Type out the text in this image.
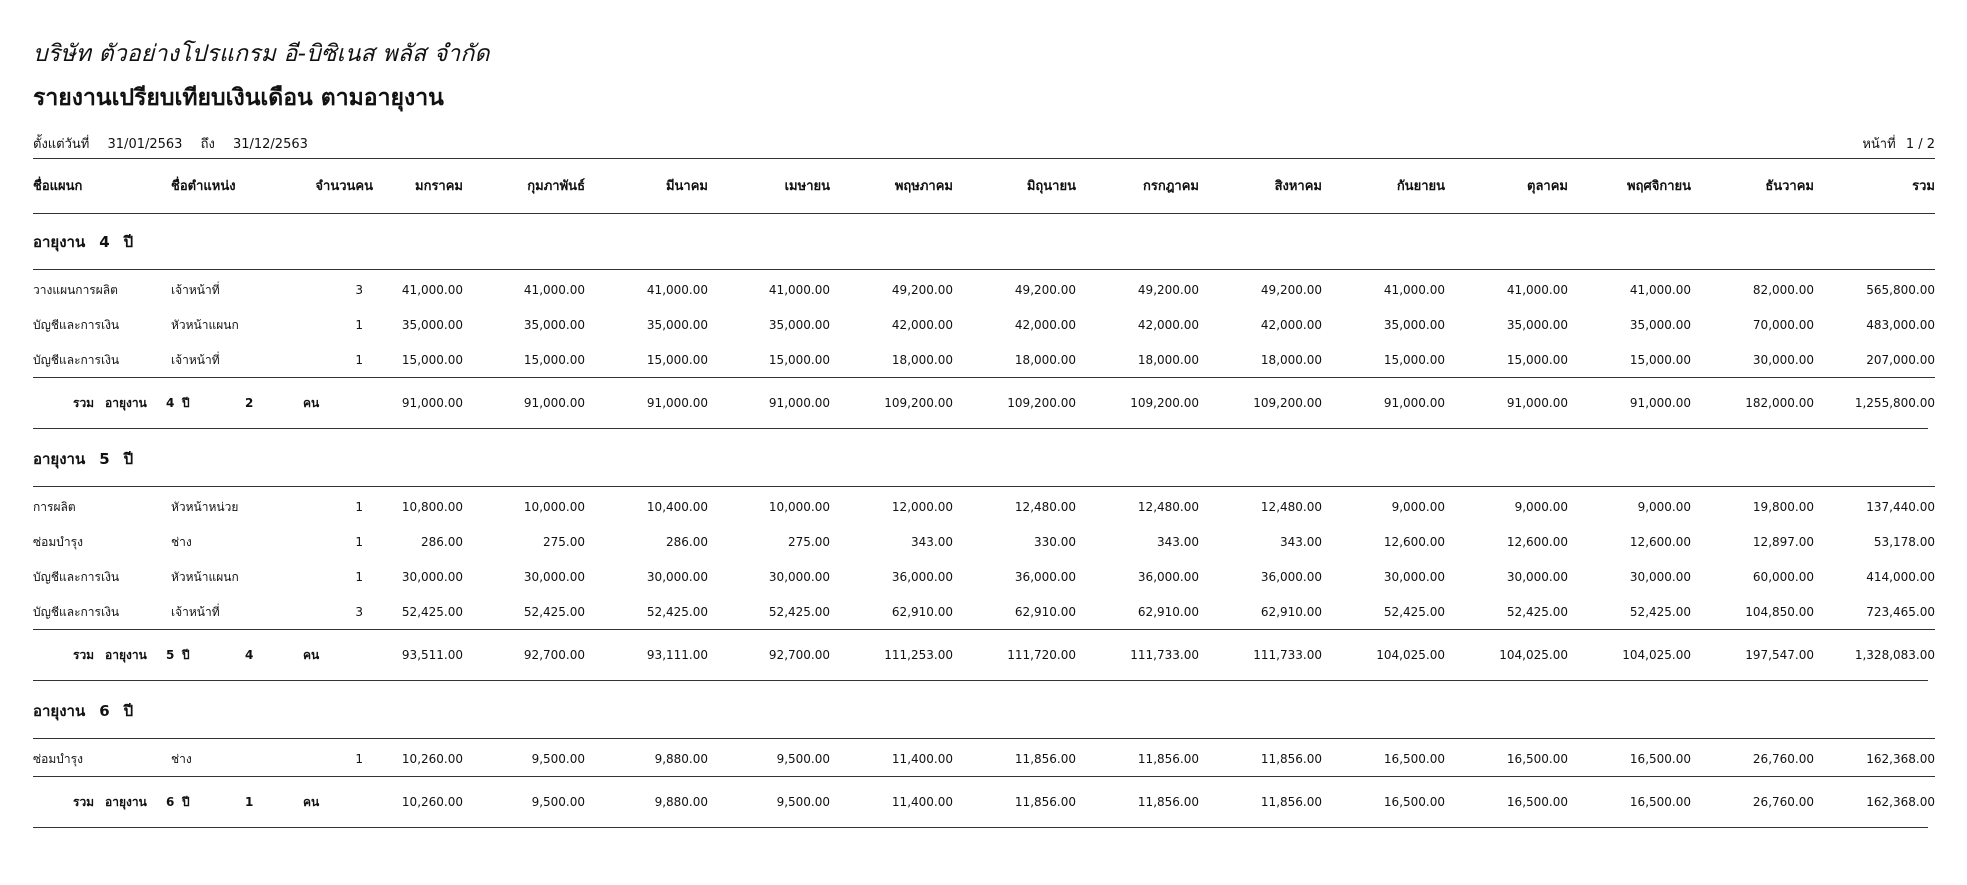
บริษัท ตัวอย่างโปรแกรม อี-บิซิเนส พลัส จำกัด
รายงานเปรียบเทียบเงินเดือน ตามอายุงาน
ตั้งแต่วันที่ 31/01/2563 ถึง 31/12/2563	หน้าที่ 1 / 2
ชื่อแผนก	ชื่อตำแหน่ง	จำนวนคน	มกราคม	กุมภาพันธ์	มีนาคม	เมษายน	พฤษภาคม	มิถุนายน	กรกฎาคม	สิงหาคม	กันยายน	ตุลาคม	พฤศจิกายน	ธันวาคม	รวม
อายุงาน 4 ปี
วางแผนการผลิต	เจ้าหน้าที่	3	41,000.00	41,000.00	41,000.00	41,000.00	49,200.00	49,200.00	49,200.00	49,200.00	41,000.00	41,000.00	41,000.00	82,000.00	565,800.00
บัญชีและการเงิน	หัวหน้าแผนก	1	35,000.00	35,000.00	35,000.00	35,000.00	42,000.00	42,000.00	42,000.00	42,000.00	35,000.00	35,000.00	35,000.00	70,000.00	483,000.00
บัญชีและการเงิน	เจ้าหน้าที่	1	15,000.00	15,000.00	15,000.00	15,000.00	18,000.00	18,000.00	18,000.00	18,000.00	15,000.00	15,000.00	15,000.00	30,000.00	207,000.00
รวม อายุงาน 4 ปี	2	คน	91,000.00	91,000.00	91,000.00	91,000.00	109,200.00	109,200.00	109,200.00	109,200.00	91,000.00	91,000.00	91,000.00	182,000.00	1,255,800.00
อายุงาน 5 ปี
การผลิต	หัวหน้าหน่วย	1	10,800.00	10,000.00	10,400.00	10,000.00	12,000.00	12,480.00	12,480.00	12,480.00	9,000.00	9,000.00	9,000.00	19,800.00	137,440.00
ซ่อมบำรุง	ช่าง	1	286.00	275.00	286.00	275.00	343.00	330.00	343.00	343.00	12,600.00	12,600.00	12,600.00	12,897.00	53,178.00
บัญชีและการเงิน	หัวหน้าแผนก	1	30,000.00	30,000.00	30,000.00	30,000.00	36,000.00	36,000.00	36,000.00	36,000.00	30,000.00	30,000.00	30,000.00	60,000.00	414,000.00
บัญชีและการเงิน	เจ้าหน้าที่	3	52,425.00	52,425.00	52,425.00	52,425.00	62,910.00	62,910.00	62,910.00	62,910.00	52,425.00	52,425.00	52,425.00	104,850.00	723,465.00
รวม อายุงาน 5 ปี	4	คน	93,511.00	92,700.00	93,111.00	92,700.00	111,253.00	111,720.00	111,733.00	111,733.00	104,025.00	104,025.00	104,025.00	197,547.00	1,328,083.00
อายุงาน 6 ปี
ซ่อมบำรุง	ช่าง	1	10,260.00	9,500.00	9,880.00	9,500.00	11,400.00	11,856.00	11,856.00	11,856.00	16,500.00	16,500.00	16,500.00	26,760.00	162,368.00
รวม อายุงาน 6 ปี	1	คน	10,260.00	9,500.00	9,880.00	9,500.00	11,400.00	11,856.00	11,856.00	11,856.00	16,500.00	16,500.00	16,500.00	26,760.00	162,368.00
